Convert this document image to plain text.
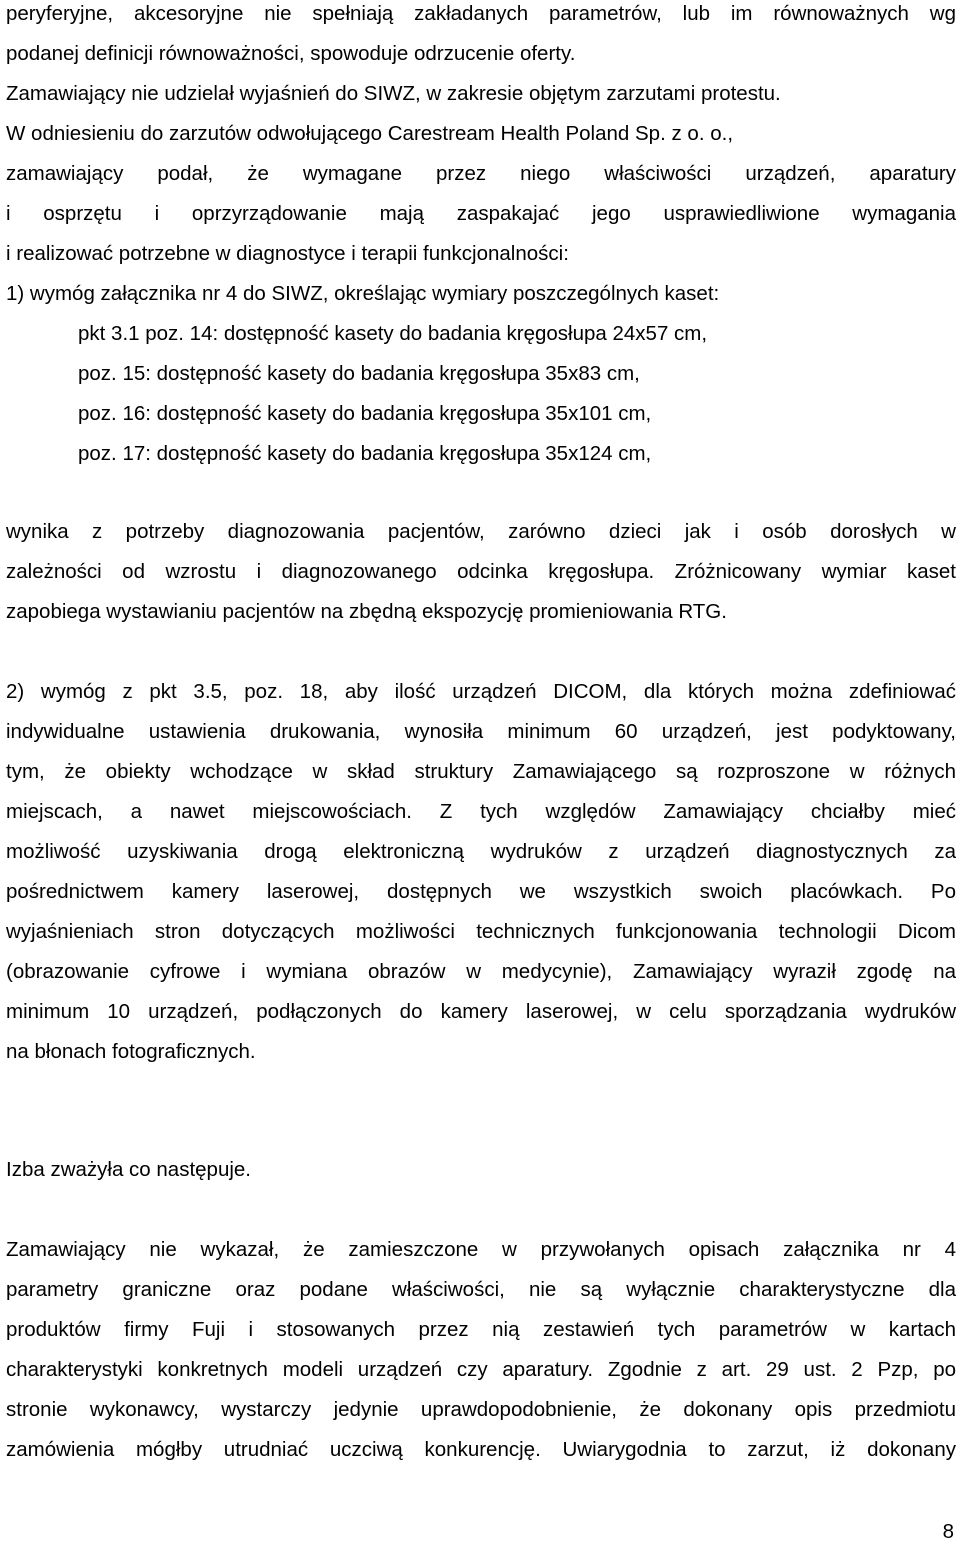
peryferyjne, akcesoryjne nie spełniają zakładanych parametrów, lub im równoważnych wg
podanej definicji równoważności, spowoduje odrzucenie oferty.
Zamawiający nie udzielał wyjaśnień do SIWZ, w zakresie objętym zarzutami protestu.
W odniesieniu do zarzutów odwołującego Carestream Health Poland Sp. z o. o.,
zamawiający podał, że wymagane przez niego właściwości urządzeń, aparatury
i osprzętu i oprzyrządowanie mają zaspakajać jego usprawiedliwione wymagania
i realizować potrzebne w diagnostyce i terapii funkcjonalności:
1) wymóg załącznika nr 4 do SIWZ, określając wymiary poszczególnych kaset:
pkt 3.1 poz. 14: dostępność kasety do badania kręgosłupa 24x57 cm,
poz. 15: dostępność kasety do badania kręgosłupa 35x83 cm,
poz. 16: dostępność kasety do badania kręgosłupa 35x101 cm,
poz. 17: dostępność kasety do badania kręgosłupa 35x124 cm,
wynika z potrzeby diagnozowania pacjentów, zarówno dzieci jak i osób dorosłych w
zależności od wzrostu i diagnozowanego odcinka kręgosłupa. Zróżnicowany wymiar kaset
zapobiega wystawianiu pacjentów na zbędną ekspozycję promieniowania RTG.
2) wymóg z pkt 3.5, poz. 18, aby ilość urządzeń DICOM, dla których można zdefiniować
indywidualne ustawienia drukowania, wynosiła minimum 60 urządzeń, jest podyktowany,
tym, że obiekty wchodzące w skład struktury Zamawiającego są rozproszone w różnych
miejscach, a nawet miejscowościach. Z tych względów Zamawiający chciałby mieć
możliwość uzyskiwania drogą elektroniczną wydruków z urządzeń diagnostycznych za
pośrednictwem kamery laserowej, dostępnych we wszystkich swoich placówkach. Po
wyjaśnieniach stron dotyczących możliwości technicznych funkcjonowania technologii Dicom
(obrazowanie cyfrowe i wymiana obrazów w medycynie), Zamawiający wyraził zgodę na
minimum 10 urządzeń, podłączonych do kamery laserowej, w celu sporządzania wydruków
na błonach fotograficznych.
Izba zważyła co następuje.
Zamawiający nie wykazał, że zamieszczone w przywołanych opisach załącznika nr 4
parametry graniczne oraz podane właściwości, nie są wyłącznie charakterystyczne dla
produktów firmy Fuji i stosowanych przez nią zestawień tych parametrów w kartach
charakterystyki konkretnych modeli urządzeń czy aparatury. Zgodnie z art. 29 ust. 2 Pzp, po
stronie wykonawcy, wystarczy jedynie uprawdopodobnienie, że dokonany opis przedmiotu
zamówienia mógłby utrudniać uczciwą konkurencję. Uwiarygodnia to zarzut, iż dokonany
8
